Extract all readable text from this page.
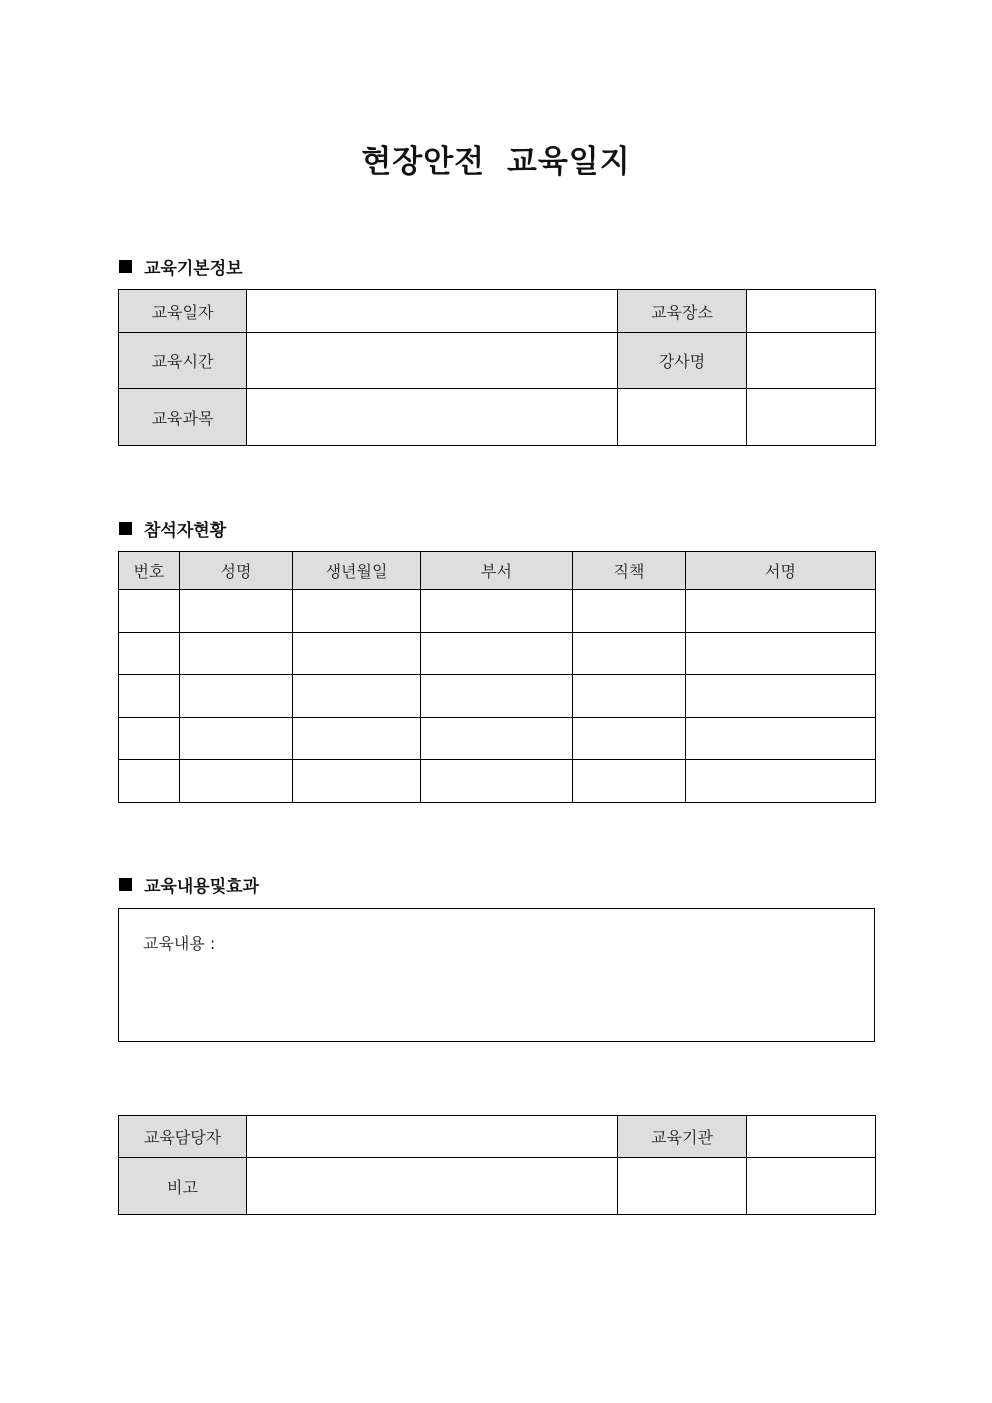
현장안전 교육일지
교육기본정보
교육일자		교육장소	
교육시간		강사명	
교육과목			
참석자현황
번호	성명	생년월일	부서	직책	서명

교육내용및효과
교육내용 :
교육담당자		교육기관	
비고			
